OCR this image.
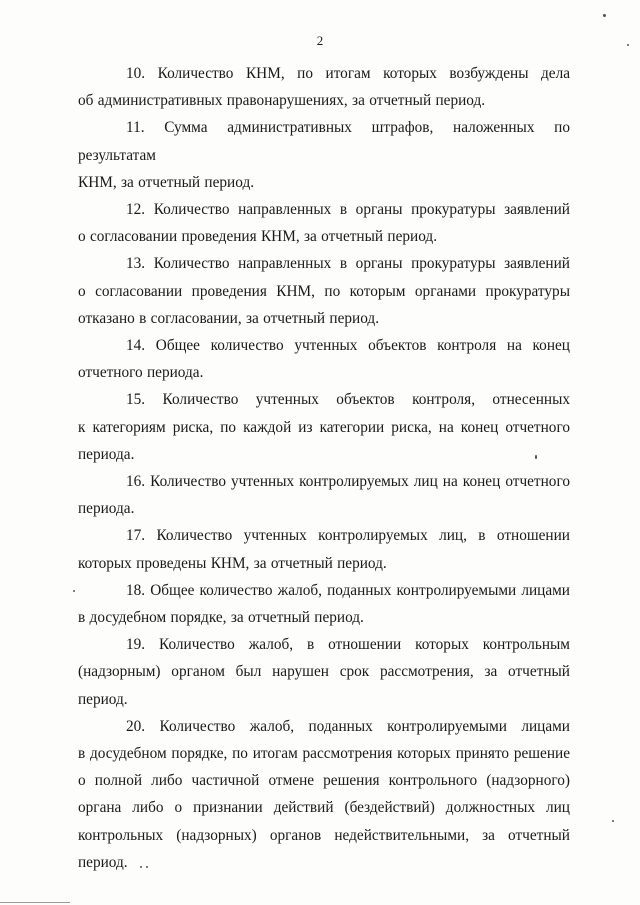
2

10. Количество КНМ, по итогам которых возбуждены дела
об административных правонарушениях, за отчетный период.

11. Сумма административных штрафов, наложенных по результатам
КНМ, за отчетный период.

12. Количество направленных в органы прокуратуры заявлений
о согласовании проведения КНМ, за отчетный период.

13. Количество направленных в органы прокуратуры заявлений
о согласовании проведения КНМ, по которым органами прокуратуры
отказано в согласовании, за отчетный период.

14. Общее количество учтенных объектов контроля на конец
отчетного периода.

15. Количество учтенных объектов контроля, отнесенных
к категориям риска, по каждой из категории риска, на конец отчетного
периода.

16. Количество учтенных контролируемых лиц на конец отчетного
периода.

17. Количество учтенных контролируемых лиц, в отношении
которых проведены КНМ, за отчетный период.

18. Общее количество жалоб, поданных контролируемыми лицами
в досудебном порядке, за отчетный период.

19. Количество жалоб, в отношении которых контрольным
(надзорным) органом был нарушен срок рассмотрения, за отчетный
период.

20. Количество жалоб, поданных контролируемыми лицами
в досудебном порядке, по итогам рассмотрения которых принято решение
о полной либо частичной отмене решения контрольного (надзорного)
органа либо о признании действий (бездействий) должностных лиц
контрольных (надзорных) органов недействительными, за отчетный
период.
